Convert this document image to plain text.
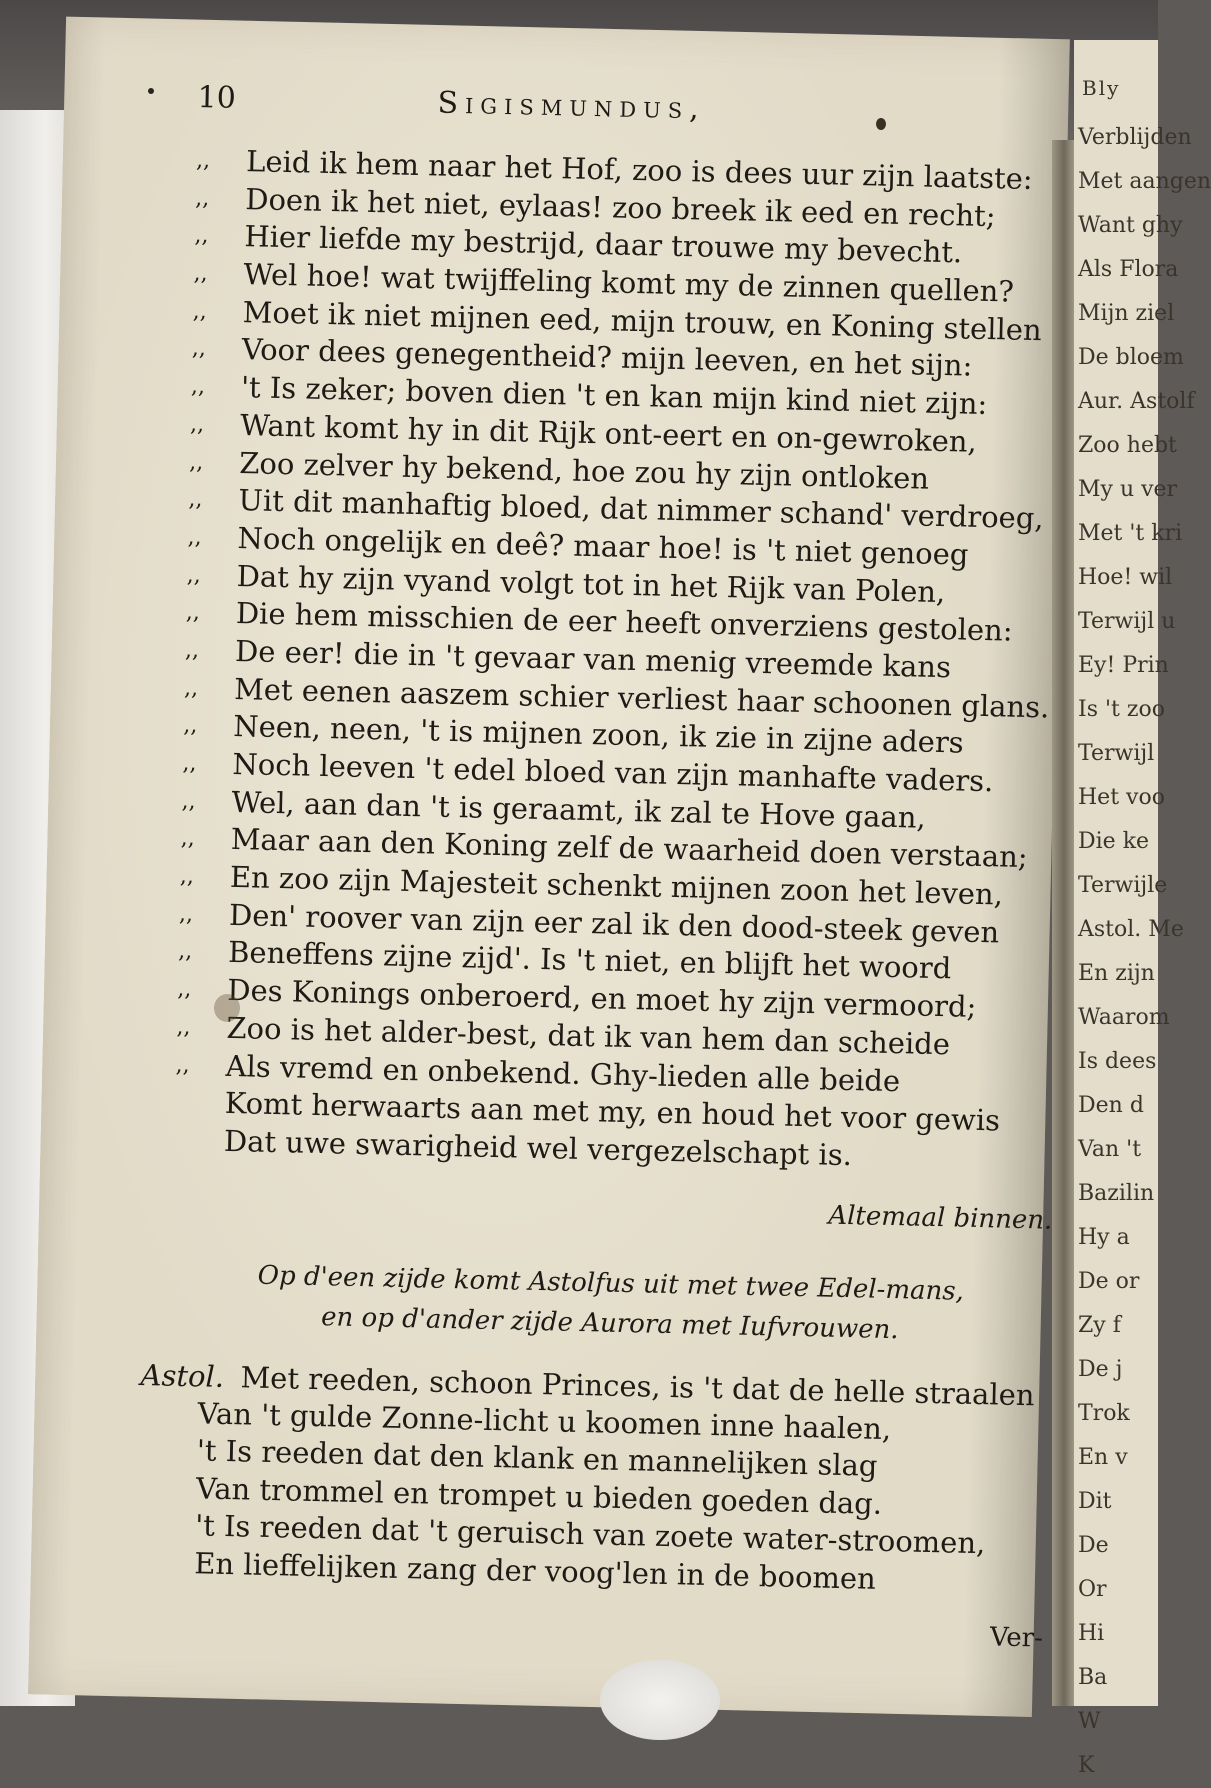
Bly
Verblijden
Met aangen
Want ghy
Als Flora
Mijn ziel
De bloem
Aur. Astolf
Zoo hebt
My u ver
Met 't kri
Hoe! wil
Terwijl u
Ey! Prin
Is 't zoo
Terwijl
Het voo
Die ke
Terwijle
Astol. Me
En zijn
Waarom
Is dees
Den d
Van 't
Bazilin
Hy a
De or
Zy f
De j
Trok
En v
Dit
De
Or
Hi
Ba
W
K
10	Sigismundus,
,,	Leid ik hem naar het Hof, zoo is dees uur zijn laatste:
,,	Doen ik het niet, eylaas! zoo breek ik eed en recht;
,,	Hier liefde my bestrijd, daar trouwe my bevecht.
,,	Wel hoe! wat twijffeling komt my de zinnen quellen?
,,	Moet ik niet mijnen eed, mijn trouw, en Koning stellen
,,	Voor dees genegentheid? mijn leeven, en het sijn:
,,	't Is zeker; boven dien 't en kan mijn kind niet zijn:
,,	Want komt hy in dit Rijk ont-eert en on-gewroken,
,,	Zoo zelver hy bekend, hoe zou hy zijn ontloken
,,	Uit dit manhaftig bloed, dat nimmer schand' verdroeg,
,,	Noch ongelijk en deê? maar hoe! is 't niet genoeg
,,	Dat hy zijn vyand volgt tot in het Rijk van Polen,
,,	Die hem misschien de eer heeft onverziens gestolen:
,,	De eer! die in 't gevaar van menig vreemde kans
,,	Met eenen aaszem schier verliest haar schoonen glans.
,,	Neen, neen, 't is mijnen zoon, ik zie in zijne aders
,,	Noch leeven 't edel bloed van zijn manhafte vaders.
,,	Wel, aan dan 't is geraamt, ik zal te Hove gaan,
,,	Maar aan den Koning zelf de waarheid doen verstaan;
,,	En zoo zijn Majesteit schenkt mijnen zoon het leven,
,,	Den' roover van zijn eer zal ik den dood-steek geven
,,	Beneffens zijne zijd'. Is 't niet, en blijft het woord
,,	Des Konings onberoerd, en moet hy zijn vermoord;
,,	Zoo is het alder-best, dat ik van hem dan scheide
,,	Als vremd en onbekend. Ghy-lieden alle beide
Komt herwaarts aan met my, en houd het voor gewis
Dat uwe swarigheid wel vergezelschapt is.
Altemaal binnen.
Op d'een zijde komt Astolfus uit met twee Edel-mans,
en op d'ander zijde Aurora met Iufvrouwen.
Astol. Met reeden, schoon Princes, is 't dat de helle straalen
Van 't gulde Zonne-licht u koomen inne haalen,
't Is reeden dat den klank en mannelijken slag
Van trommel en trompet u bieden goeden dag.
't Is reeden dat 't geruisch van zoete water-stroomen,
En lieffelijken zang der voog'len in de boomen
Ver-
